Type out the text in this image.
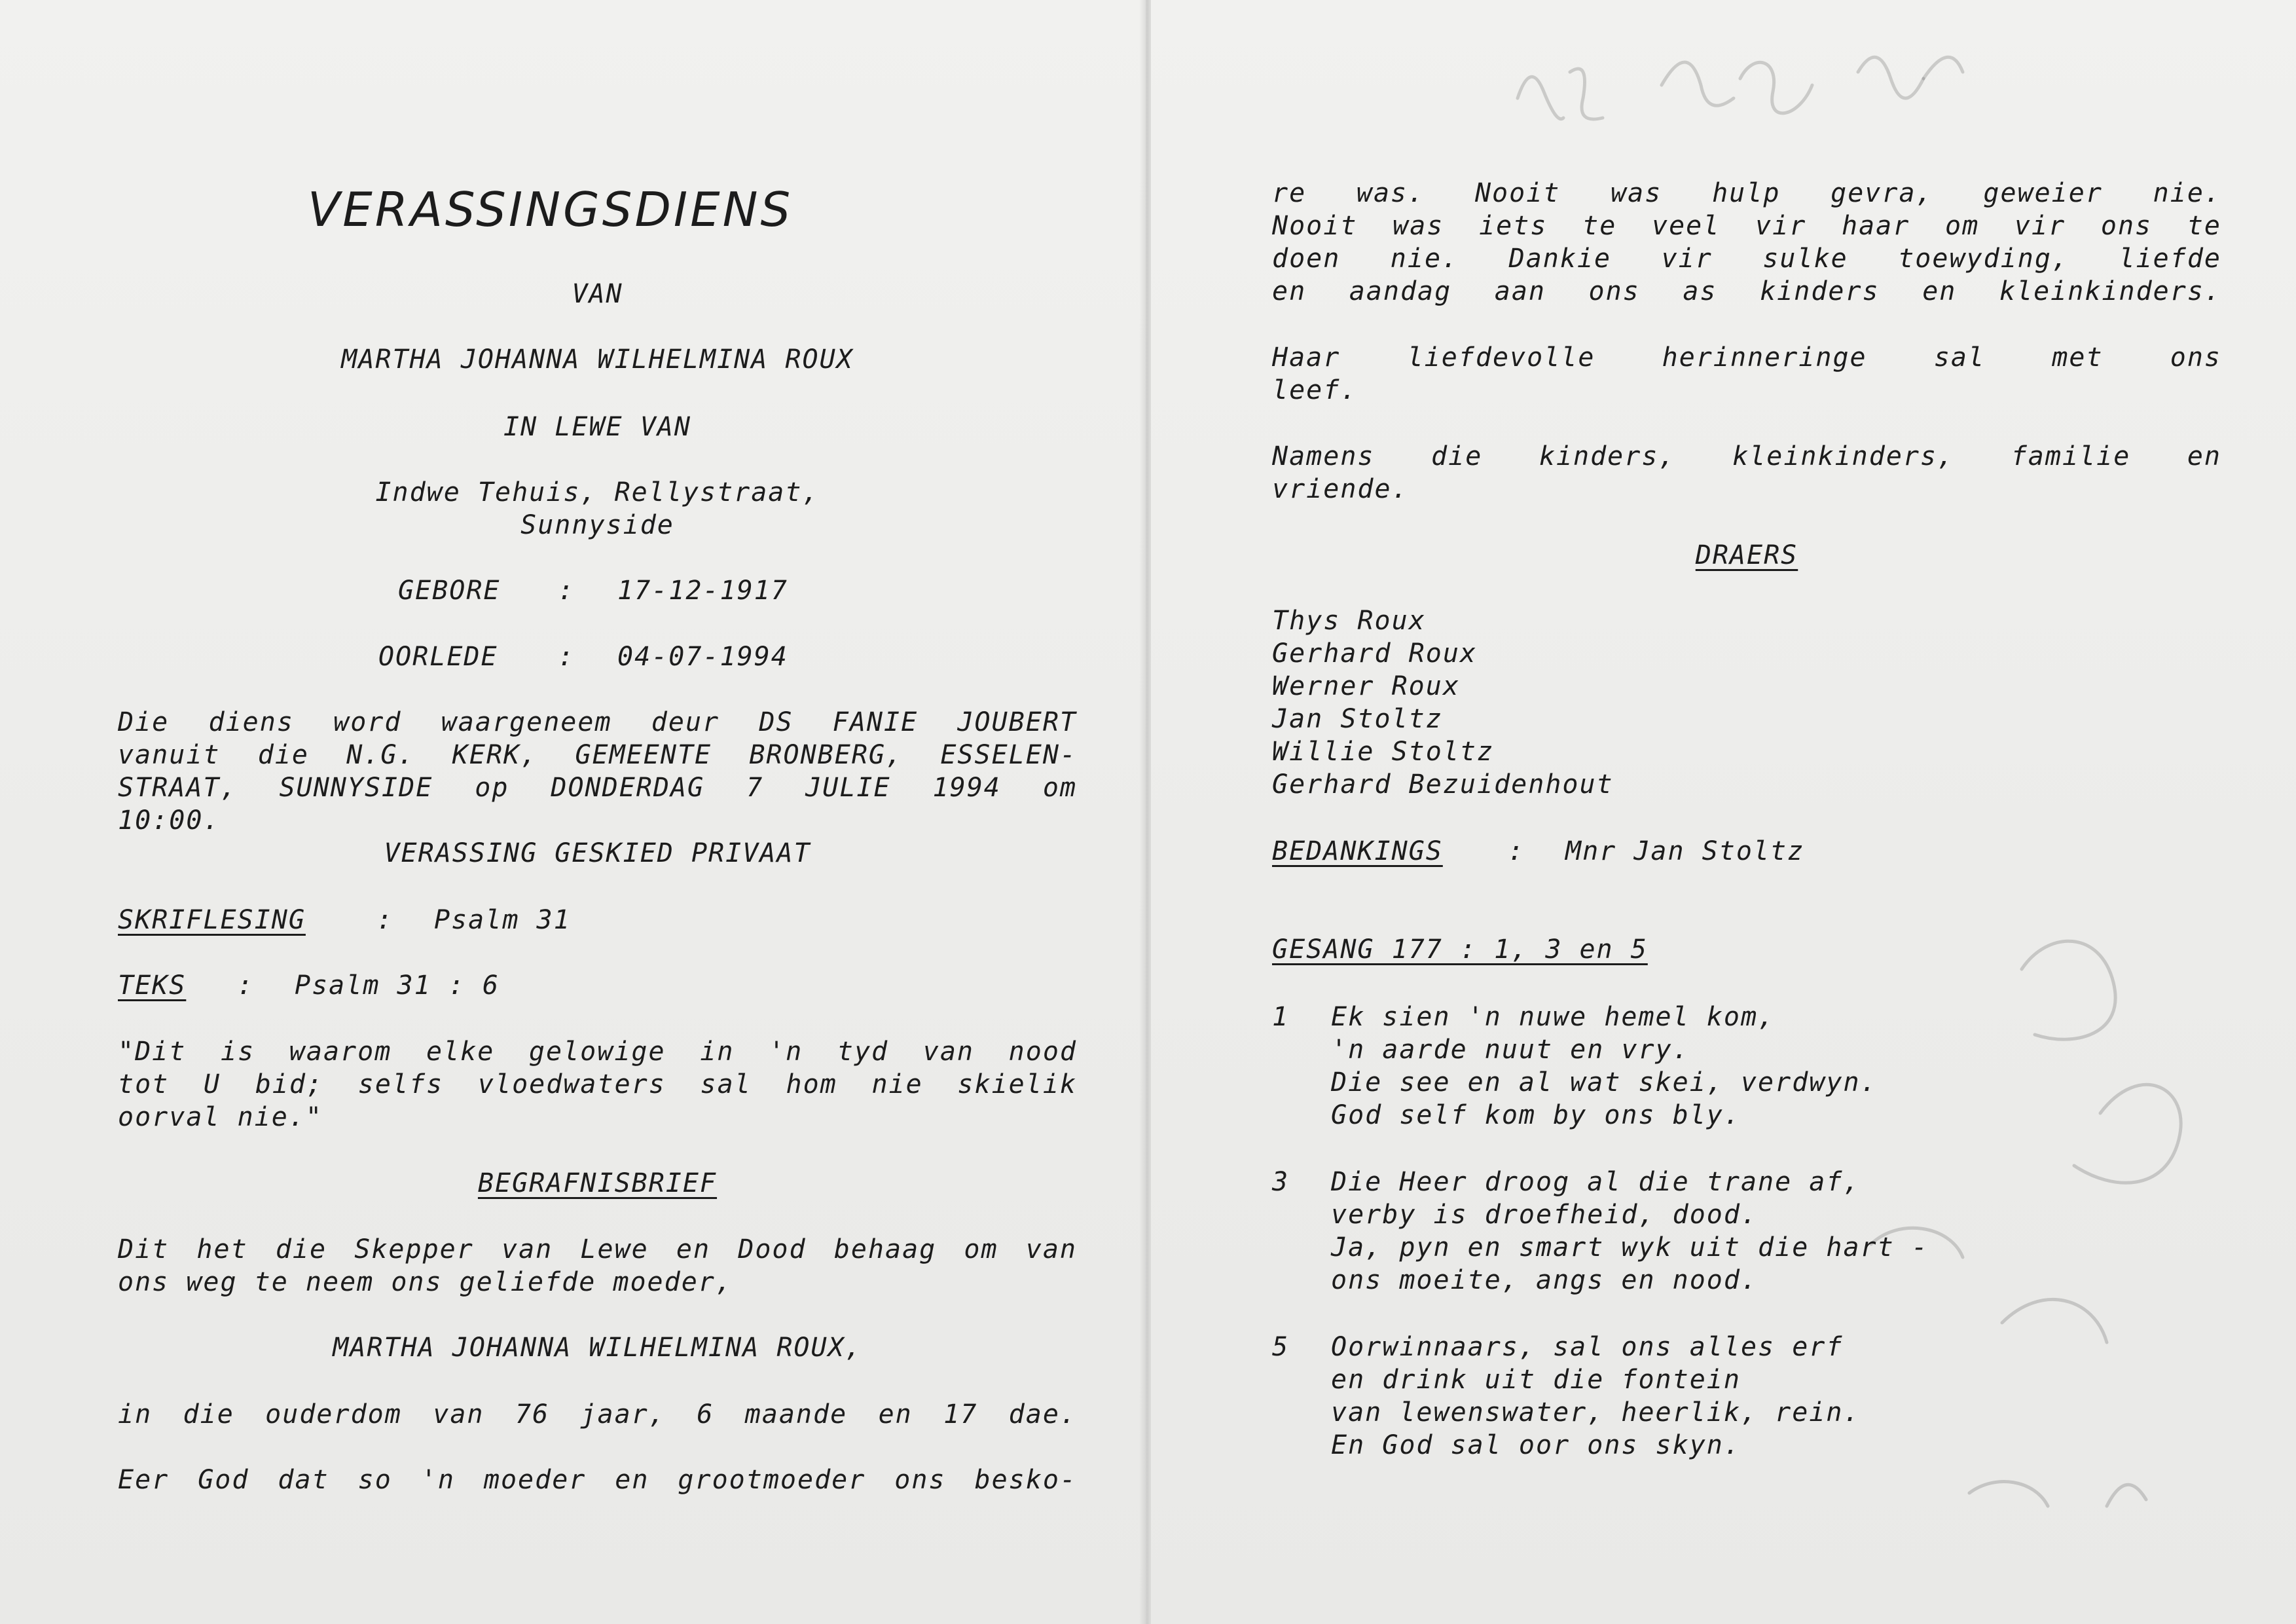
VERASSINGSDIENS
VAN
MARTHA JOHANNA WILHELMINA ROUX
IN LEWE VAN
Indwe Tehuis, Rellystraat,
Sunnyside
GEBORE : 17-12-1917
OORLEDE : 04-07-1994
Die diens word waargeneem deur DS FANIE JOUBERT
vanuit die N.G. KERK, GEMEENTE BRONBERG, ESSELEN-
STRAAT, SUNNYSIDE op DONDERDAG 7 JULIE 1994 om
10:00.
VERASSING GESKIED PRIVAAT
SKRIFLESING	: Psalm 31
TEKS : Psalm 31 : 6
"Dit is waarom elke gelowige in 'n tyd van nood
tot U bid; selfs vloedwaters sal hom nie skielik
oorval nie."
BEGRAFNISBRIEF
Dit het die Skepper van Lewe en Dood behaag om van
ons weg te neem ons geliefde moeder,
MARTHA JOHANNA WILHELMINA ROUX,
in die ouderdom van 76 jaar, 6 maande en 17 dae.
Eer God dat so 'n moeder en grootmoeder ons besko-
re was. Nooit was hulp gevra, geweier nie.
Nooit was iets te veel vir haar om vir ons te
doen nie. Dankie vir sulke toewyding, liefde
en aandag aan ons as kinders en kleinkinders.
Haar liefdevolle herinneringe sal met ons
leef.
Namens die kinders, kleinkinders, familie en
vriende.
DRAERS
Thys Roux
Gerhard Roux
Werner Roux
Jan Stoltz
Willie Stoltz
Gerhard Bezuidenhout
BEDANKINGS : Mnr Jan Stoltz
GESANG 177 : 1, 3 en 5
1 Ek sien 'n nuwe hemel kom,
'n aarde nuut en vry.
Die see en al wat skei, verdwyn.
God self kom by ons bly.
3 Die Heer droog al die trane af,
verby is droefheid, dood.
Ja, pyn en smart wyk uit die hart -
ons moeite, angs en nood.
5 Oorwinnaars, sal ons alles erf
en drink uit die fontein
van lewenswater, heerlik, rein.
En God sal oor ons skyn.
